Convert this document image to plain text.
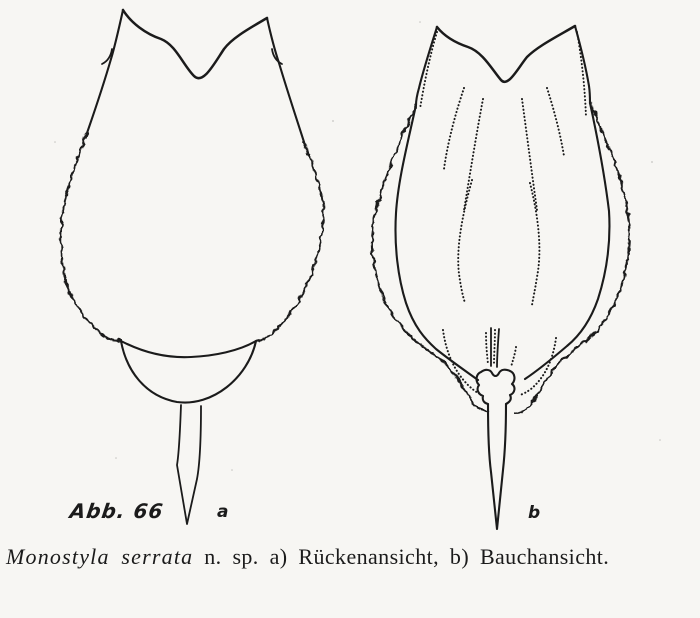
Abb. 66	a	b
Monostyla serrata n. sp. a) Rückenansicht, b) Bauchansicht.
